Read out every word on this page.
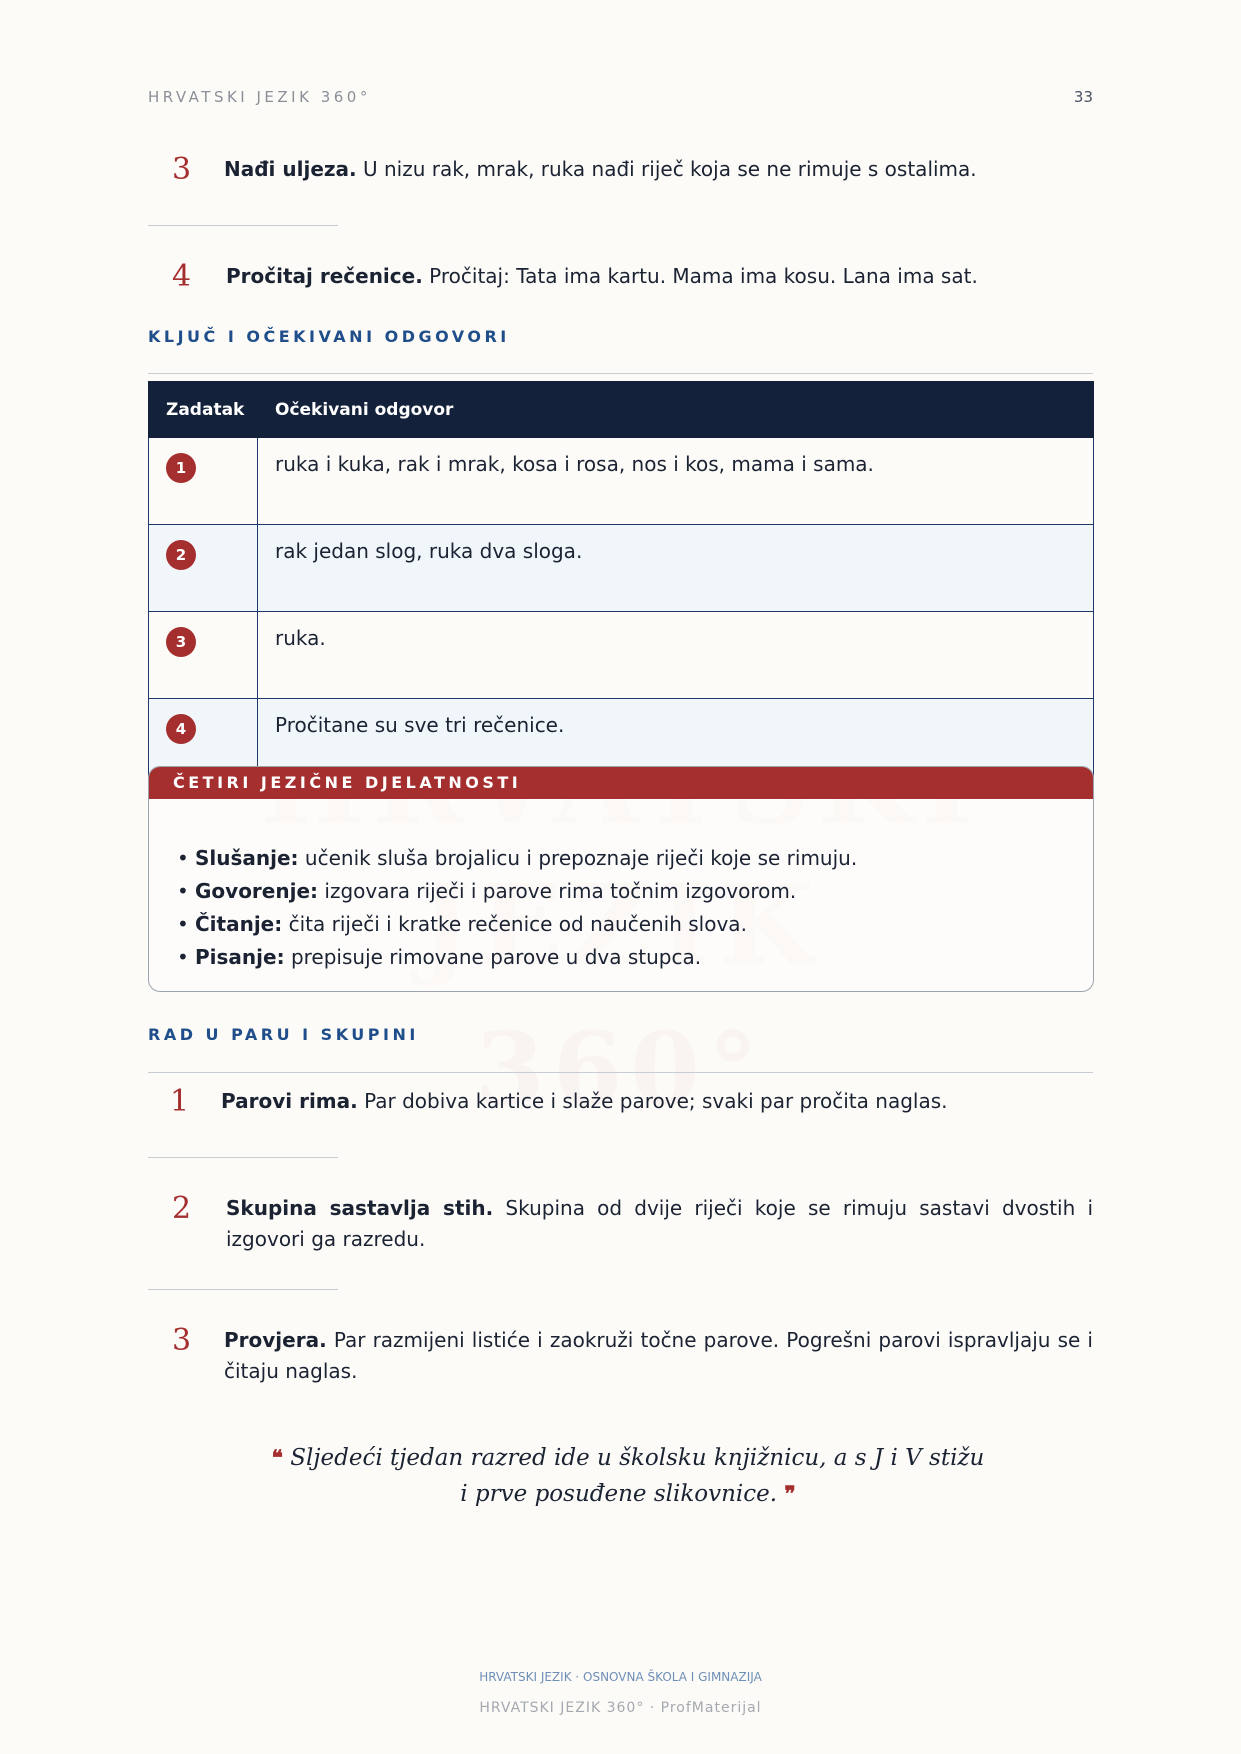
HRVATSKI JEZIK 360°	33
3 Nađi uljeza. U nizu rak, mrak, ruka nađi riječ koja se ne rimuje s ostalima.
4 Pročitaj rečenice. Pročitaj: Tata ima kartu. Mama ima kosu. Lana ima sat.
KLJUČ I OČEKIVANI ODGOVORI
Zadatak	Očekivani odgovor
1	ruka i kuka, rak i mrak, kosa i rosa, nos i kos, mama i sama.
2	rak jedan slog, ruka dva sloga.
3	ruka.
4	Pročitane su sve tri rečenice.
ČETIRI JEZIČNE DJELATNOSTI
• Slušanje: učenik sluša brojalicu i prepoznaje riječi koje se rimuju.
• Govorenje: izgovara riječi i parove rima točnim izgovorom.
• Čitanje: čita riječi i kratke rečenice od naučenih slova.
• Pisanje: prepisuje rimovane parove u dva stupca.
RAD U PARU I SKUPINI
1 Parovi rima. Par dobiva kartice i slaže parove; svaki par pročita naglas.
2 Skupina sastavlja stih. Skupina od dvije riječi koje se rimuju sastavi dvostih i izgovori ga razredu.
3 Provjera. Par razmijeni listiće i zaokruži točne parove. Pogrešni parovi ispravljaju se i čitaju naglas.
❝ Sljedeći tjedan razred ide u školsku knjižnicu, a s J i V stižu i prve posuđene slikovnice. ❞
HRVATSKI JEZIK · OSNOVNA ŠKOLA I GIMNAZIJA
HRVATSKI JEZIK 360° · ProfMaterijal
